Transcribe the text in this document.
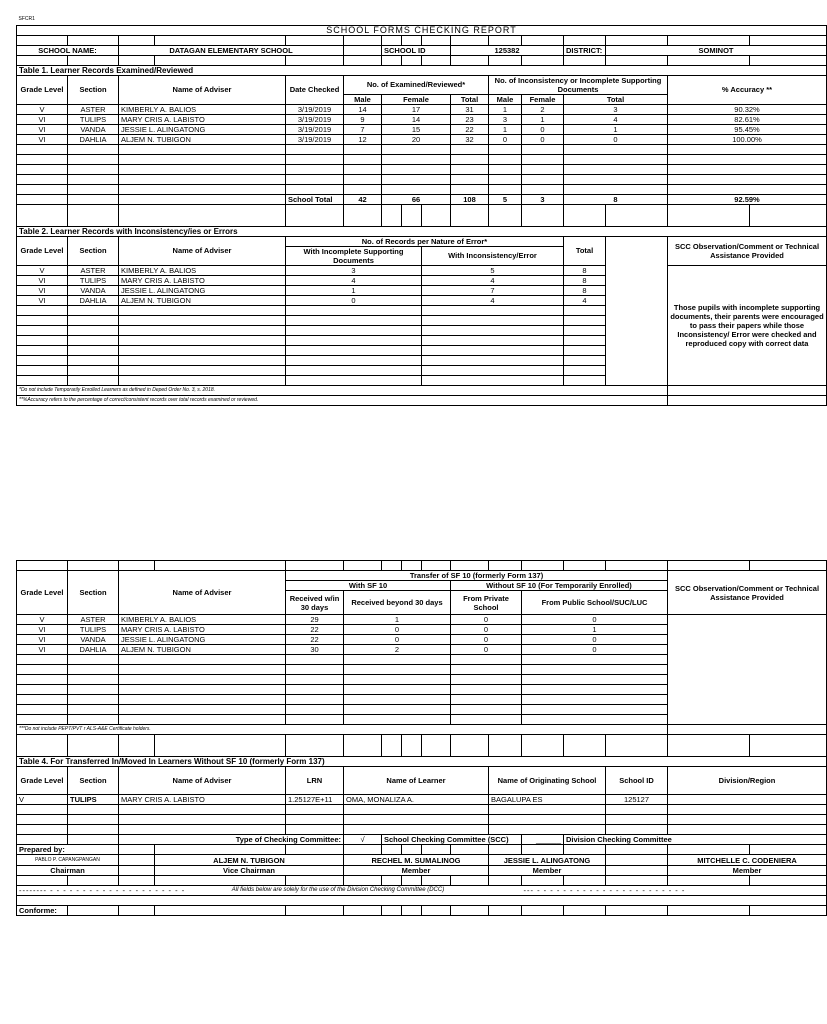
SFCR1															
SCHOOL FORMS CHECKING REPORT															

SCHOOL NAME:		DATAGAN ELEMENTARY SCHOOL				SCHOOL ID			125382			DISTRICT:	SOMINOT		

Table 1. Learner Records Examined/Reviewed															
Grade Level	Section	Name of Adviser		Date Checked	No. of Examined/Reviewed*					No. of Inconsistency or Incomplete Supporting Documents				% Accuracy **	

					Male	Female			Total	Male	Female	Total			
V	ASTER	KIMBERLY A. BALIOS		3/19/2019	14	17			31	1	2	3		90.32%	
VI	TULIPS	MARY CRIS A. LABISTO		3/19/2019	9	14			23	3	1	4		82.61%	
VI	VANDA	JESSIE L. ALINGATONG		3/19/2019	7	15			22	1	0	1		95.45%	
VI	DAHLIA	ALJEM N. TUBIGON		3/19/2019	12	20			32	0	0	0		100.00%	

				School Total	42	66			108	5	3	8		92.59%	

Table 2. Learner Records with Inconsistency/ies or Errors															
Grade Level	Section	Name of Adviser		No. of Records per Nature of Error*								Total		SCC Observation/Comment or Technical Assistance Provided	
				With Incomplete Supporting Documents				With Inconsistency/Error							

V	ASTER	KIMBERLY A. BALIOS		3				5				8		Those pupils with incomplete supporting documents, their parents were encouraged to pass their papers while those Inconsistency/ Error were checked and reproduced copy with correct data	
VI	TULIPS	MARY CRIS A. LABISTO		4				4				8			
VI	VANDA	JESSIE L. ALINGATONG		1				7				8			
VI	DAHLIA	ALJEM N. TUBIGON		0				4				4			

*Do not include Temporarily Enrolled Learners as defined in Deped Order No. 3, s. 2018.															
**%Accuracy refers to the percentage of correct/consistent records over total records examined or reviewed.															

Grade Level	Section	Name of Adviser		Transfer of SF 10 (formerly Form 137)										SCC Observation/Comment or Technical Assistance Provided	
				With SF 10					Without SF 10 (For Temporarily Enrolled)						

				Received w/in 30 days	Received beyond 30 days				From Private School		From Public School/SUC/LUC				
V	ASTER	KIMBERLY A. BALIOS		29	1				0		0				
VI	TULIPS	MARY CRIS A. LABISTO		22	0				0		1				
VI	VANDA	JESSIE L. ALINGATONG		22	0				0		0				
VI	DAHLIA	ALJEM N. TUBIGON		30	2				0		0				

***Do not include PEPT/PVT r ALS-A&E Certificate holders.															

Table 4. For Transferred In/Moved In Learners Without SF 10 (formerly Form 137)															
Grade Level	Section	Name of Adviser		LRN	Name of Learner					Name of Originating School			School ID	Division/Region	
V	TULIPS	MARY CRIS A. LABISTO		1.25127E+11	OMA, MONALIZA A.					BAGALUPA ES			125127		

		Type of Checking Committee:			√	School Checking Committee (SCC)					______	Division Checking Committee			
Prepared by:															
PABLO P. CAPANGPANGAN			ALJEM N. TUBIGON		RECHEL M. SUMALINOG					JESSIE L. ALINGATONG				MITCHELLE C. CODENIERA	
Chairman			Vice Chairman		Member					Member				Member	

-------- - - - - - - - - - - - - - - - - - - - - -			All fields below are solely for the use of the Division Checking Committee (DCC)								--- - - - - - - - - - - - - - - - - - - - - - - -				

Conforme:															
